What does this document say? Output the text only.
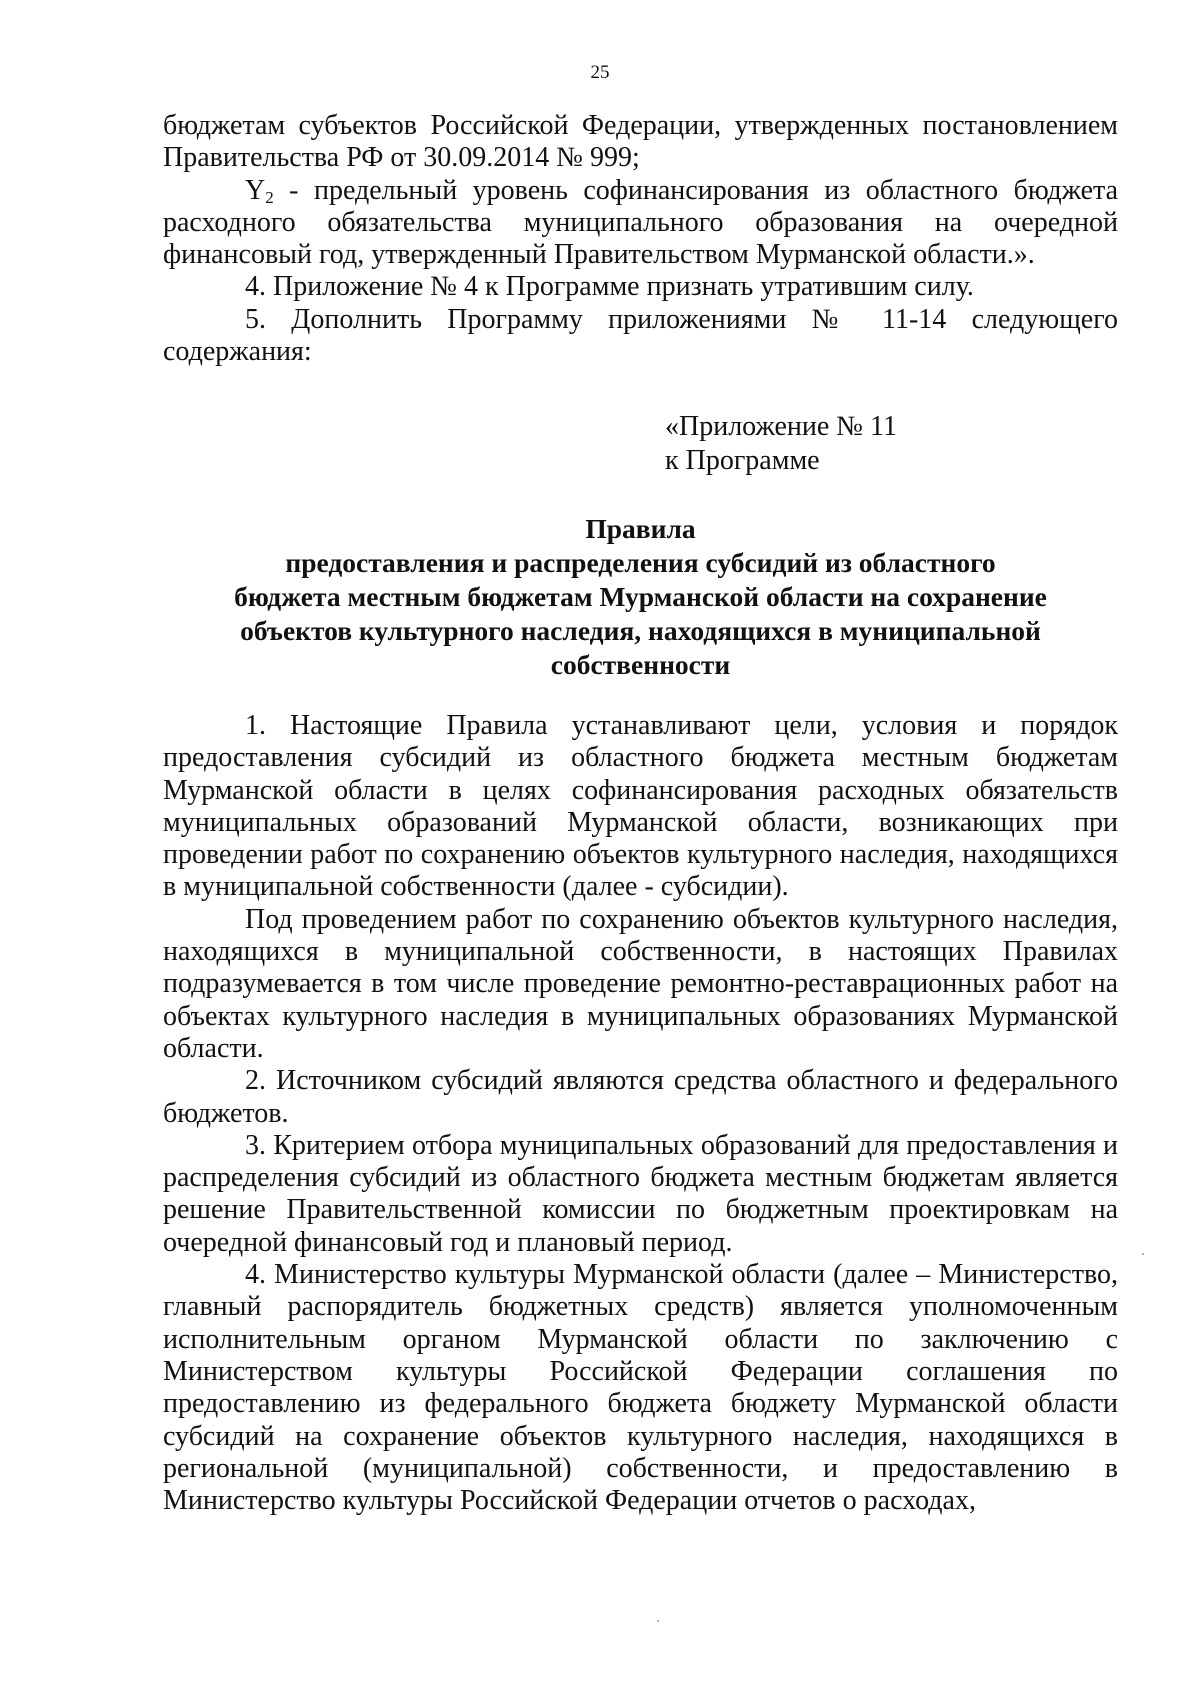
25

бюджетам субъектов Российской Федерации, утвержденных постановлением Правительства РФ от 30.09.2014 № 999;

$Y_2$ - предельный уровень софинансирования из областного бюджета расходного обязательства муниципального образования на очередной финансовый год, утвержденный Правительством Мурманской области.».

4. Приложение № 4 к Программе признать утратившим силу.

5. Дополнить Программу приложениями № 11-14 следующего содержания:

«Приложение № 11
к Программе
Правила
предоставления и распределения субсидий из областного
бюджета местным бюджетам Мурманской области на сохранение
объектов культурного наследия, находящихся в муниципальной
собственности

1. Настоящие Правила устанавливают цели, условия и порядок предоставления субсидий из областного бюджета местным бюджетам Мурманской области в целях софинансирования расходных обязательств муниципальных образований Мурманской области, возникающих при проведении работ по сохранению объектов культурного наследия, находящихся в муниципальной собственности (далее - субсидии).

Под проведением работ по сохранению объектов культурного наследия, находящихся в муниципальной собственности, в настоящих Правилах подразумевается в том числе проведение ремонтно-реставрационных работ на объектах культурного наследия в муниципальных образованиях Мурманской области.

2. Источником субсидий являются средства областного и федерального бюджетов.

3. Критерием отбора муниципальных образований для предоставления и распределения субсидий из областного бюджета местным бюджетам является решение Правительственной комиссии по бюджетным проектировкам на очередной финансовый год и плановый период.

4. Министерство культуры Мурманской области (далее – Министерство, главный распорядитель бюджетных средств) является уполномоченным исполнительным органом Мурманской области по заключению с Министерством культуры Российской Федерации соглашения по предоставлению из федерального бюджета бюджету Мурманской области субсидий на сохранение объектов культурного наследия, находящихся в региональной (муниципальной) собственности, и предоставлению в Министерство культуры Российской Федерации отчетов о расходах,
